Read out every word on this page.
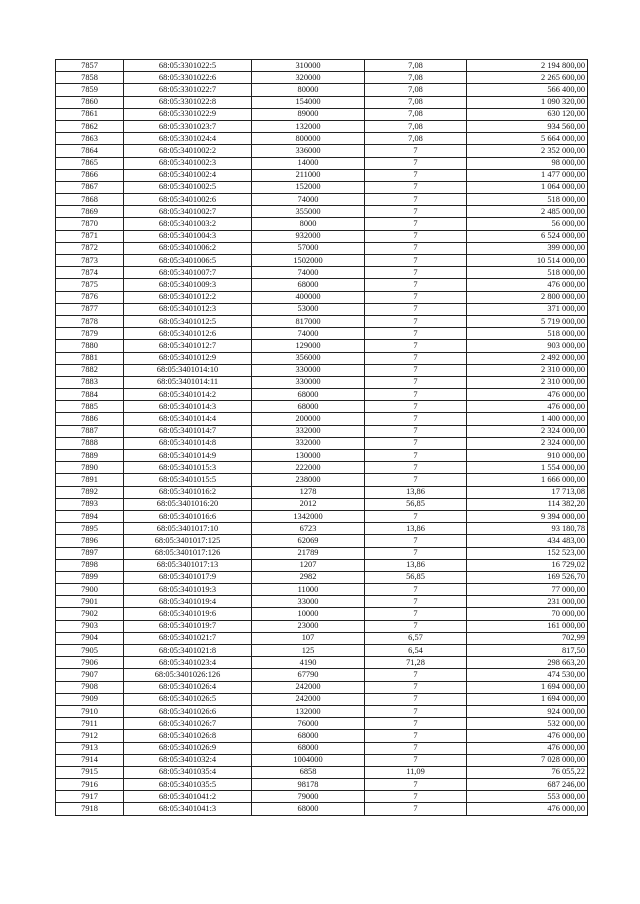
7857	68:05:3301022:5	310000	7,08	2 194 800,00
7858	68:05:3301022:6	320000	7,08	2 265 600,00
7859	68:05:3301022:7	80000	7,08	566 400,00
7860	68:05:3301022:8	154000	7,08	1 090 320,00
7861	68:05:3301022:9	89000	7,08	630 120,00
7862	68:05:3301023:7	132000	7,08	934 560,00
7863	68:05:3301024:4	800000	7,08	5 664 000,00
7864	68:05:3401002:2	336000	7	2 352 000,00
7865	68:05:3401002:3	14000	7	98 000,00
7866	68:05:3401002:4	211000	7	1 477 000,00
7867	68:05:3401002:5	152000	7	1 064 000,00
7868	68:05:3401002:6	74000	7	518 000,00
7869	68:05:3401002:7	355000	7	2 485 000,00
7870	68:05:3401003:2	8000	7	56 000,00
7871	68:05:3401004:3	932000	7	6 524 000,00
7872	68:05:3401006:2	57000	7	399 000,00
7873	68:05:3401006:5	1502000	7	10 514 000,00
7874	68:05:3401007:7	74000	7	518 000,00
7875	68:05:3401009:3	68000	7	476 000,00
7876	68:05:3401012:2	400000	7	2 800 000,00
7877	68:05:3401012:3	53000	7	371 000,00
7878	68:05:3401012:5	817000	7	5 719 000,00
7879	68:05:3401012:6	74000	7	518 000,00
7880	68:05:3401012:7	129000	7	903 000,00
7881	68:05:3401012:9	356000	7	2 492 000,00
7882	68:05:3401014:10	330000	7	2 310 000,00
7883	68:05:3401014:11	330000	7	2 310 000,00
7884	68:05:3401014:2	68000	7	476 000,00
7885	68:05:3401014:3	68000	7	476 000,00
7886	68:05:3401014:4	200000	7	1 400 000,00
7887	68:05:3401014:7	332000	7	2 324 000,00
7888	68:05:3401014:8	332000	7	2 324 000,00
7889	68:05:3401014:9	130000	7	910 000,00
7890	68:05:3401015:3	222000	7	1 554 000,00
7891	68:05:3401015:5	238000	7	1 666 000,00
7892	68:05:3401016:2	1278	13,86	17 713,08
7893	68:05:3401016:20	2012	56,85	114 382,20
7894	68:05:3401016:6	1342000	7	9 394 000,00
7895	68:05:3401017:10	6723	13,86	93 180,78
7896	68:05:3401017:125	62069	7	434 483,00
7897	68:05:3401017:126	21789	7	152 523,00
7898	68:05:3401017:13	1207	13,86	16 729,02
7899	68:05:3401017:9	2982	56,85	169 526,70
7900	68:05:3401019:3	11000	7	77 000,00
7901	68:05:3401019:4	33000	7	231 000,00
7902	68:05:3401019:6	10000	7	70 000,00
7903	68:05:3401019:7	23000	7	161 000,00
7904	68:05:3401021:7	107	6,57	702,99
7905	68:05:3401021:8	125	6,54	817,50
7906	68:05:3401023:4	4190	71,28	298 663,20
7907	68:05:3401026:126	67790	7	474 530,00
7908	68:05:3401026:4	242000	7	1 694 000,00
7909	68:05:3401026:5	242000	7	1 694 000,00
7910	68:05:3401026:6	132000	7	924 000,00
7911	68:05:3401026:7	76000	7	532 000,00
7912	68:05:3401026:8	68000	7	476 000,00
7913	68:05:3401026:9	68000	7	476 000,00
7914	68:05:3401032:4	1004000	7	7 028 000,00
7915	68:05:3401035:4	6858	11,09	76 055,22
7916	68:05:3401035:5	98178	7	687 246,00
7917	68:05:3401041:2	79000	7	553 000,00
7918	68:05:3401041:3	68000	7	476 000,00
